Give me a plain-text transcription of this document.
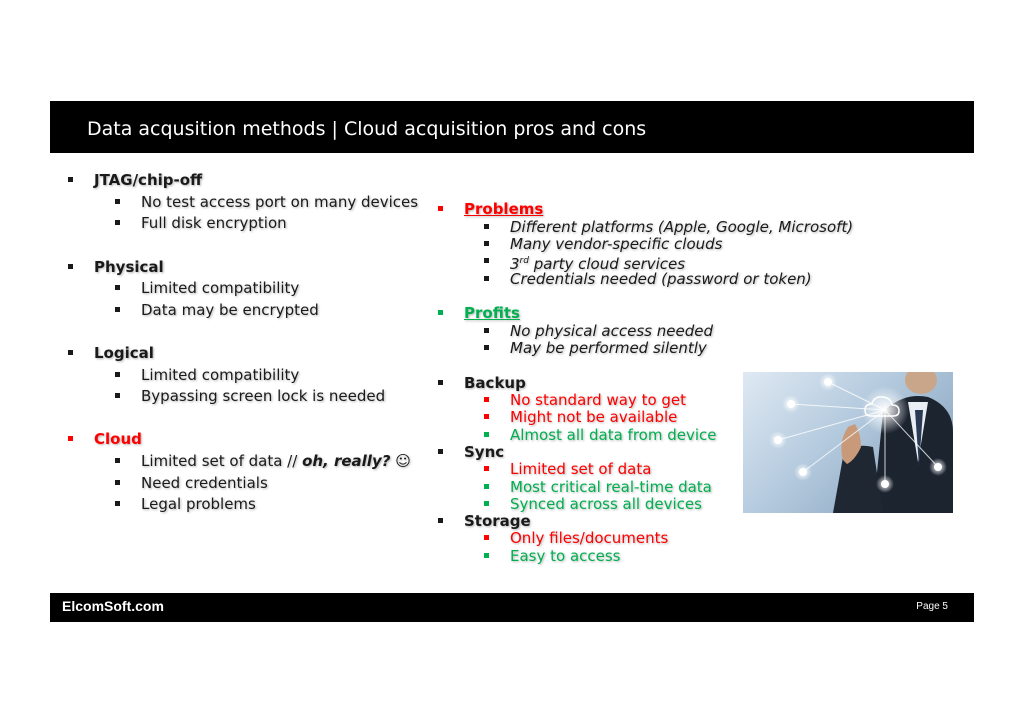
Data acqusition methods | Cloud acquisition pros and cons
JTAG/chip-off
No test access port on many devices
Full disk encryption
Physical
Limited compatibility
Data may be encrypted
Logical
Limited compatibility
Bypassing screen lock is needed
Cloud
Limited set of data // oh, really? ☺
Need credentials
Legal problems
Problems
Different platforms (Apple, Google, Microsoft)
Many vendor-specific clouds
3rd party cloud services
Credentials needed (password or token)
Profits
No physical access needed
May be performed silently
Backup
No standard way to get
Might not be available
Almost all data from device
Sync
Limited set of data
Most critical real-time data
Synced across all devices
Storage
Only files/documents
Easy to access
ElcomSoft.com	Page 5
